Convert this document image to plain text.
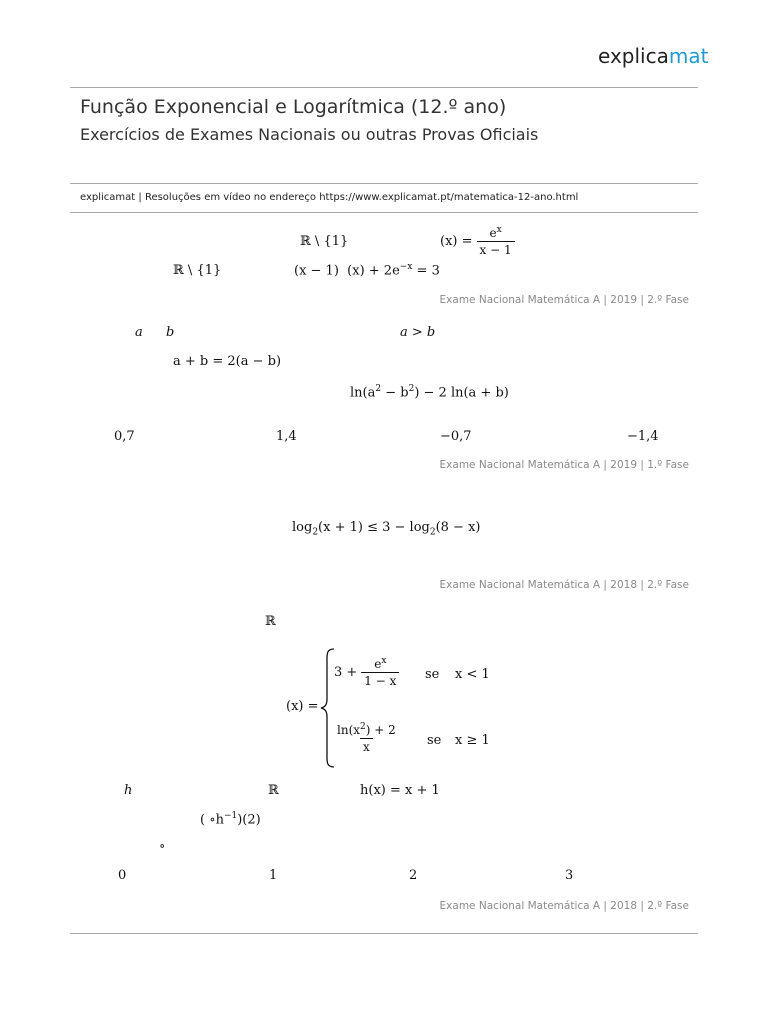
explicamat
Função Exponencial e Logarítmica (12.º ano)
Exercícios de Exames Nacionais ou outras Provas Oficiais
explicamat | Resoluções em vídeo no endereço https://www.explicamat.pt/matematica-12-ano.html
ℝ \ {1}	$(x) = \frac{e^x}{x - 1}$
ℝ \ {1}	(x − 1) $(x) + 2e^{-x} = 3$
Exame Nacional Matemática A | 2019 | 2.º Fase
a b	a > b
a + b = 2(a − b)
$\ln(a^2 - b^2) - 2$ ln(a + b)
0,7	1,4	−0,7	−1,4
Exame Nacional Matemática A | 2019 | 1.º Fase
$\log_2(x + 1) \le 3 - \log_2(8 - x)$
Exame Nacional Matemática A | 2018 | 2.º Fase
ℝ
(x) =
$3 + \frac{e^x}{1 - x}$ se x < 1
$\frac{\ln(x^2) + 2}{x}$ se x ≥ 1
h	ℝ	h(x) = x + 1
( $\circ h^{-1})(2)$
∘
0	1	2	3
Exame Nacional Matemática A | 2018 | 2.º Fase
